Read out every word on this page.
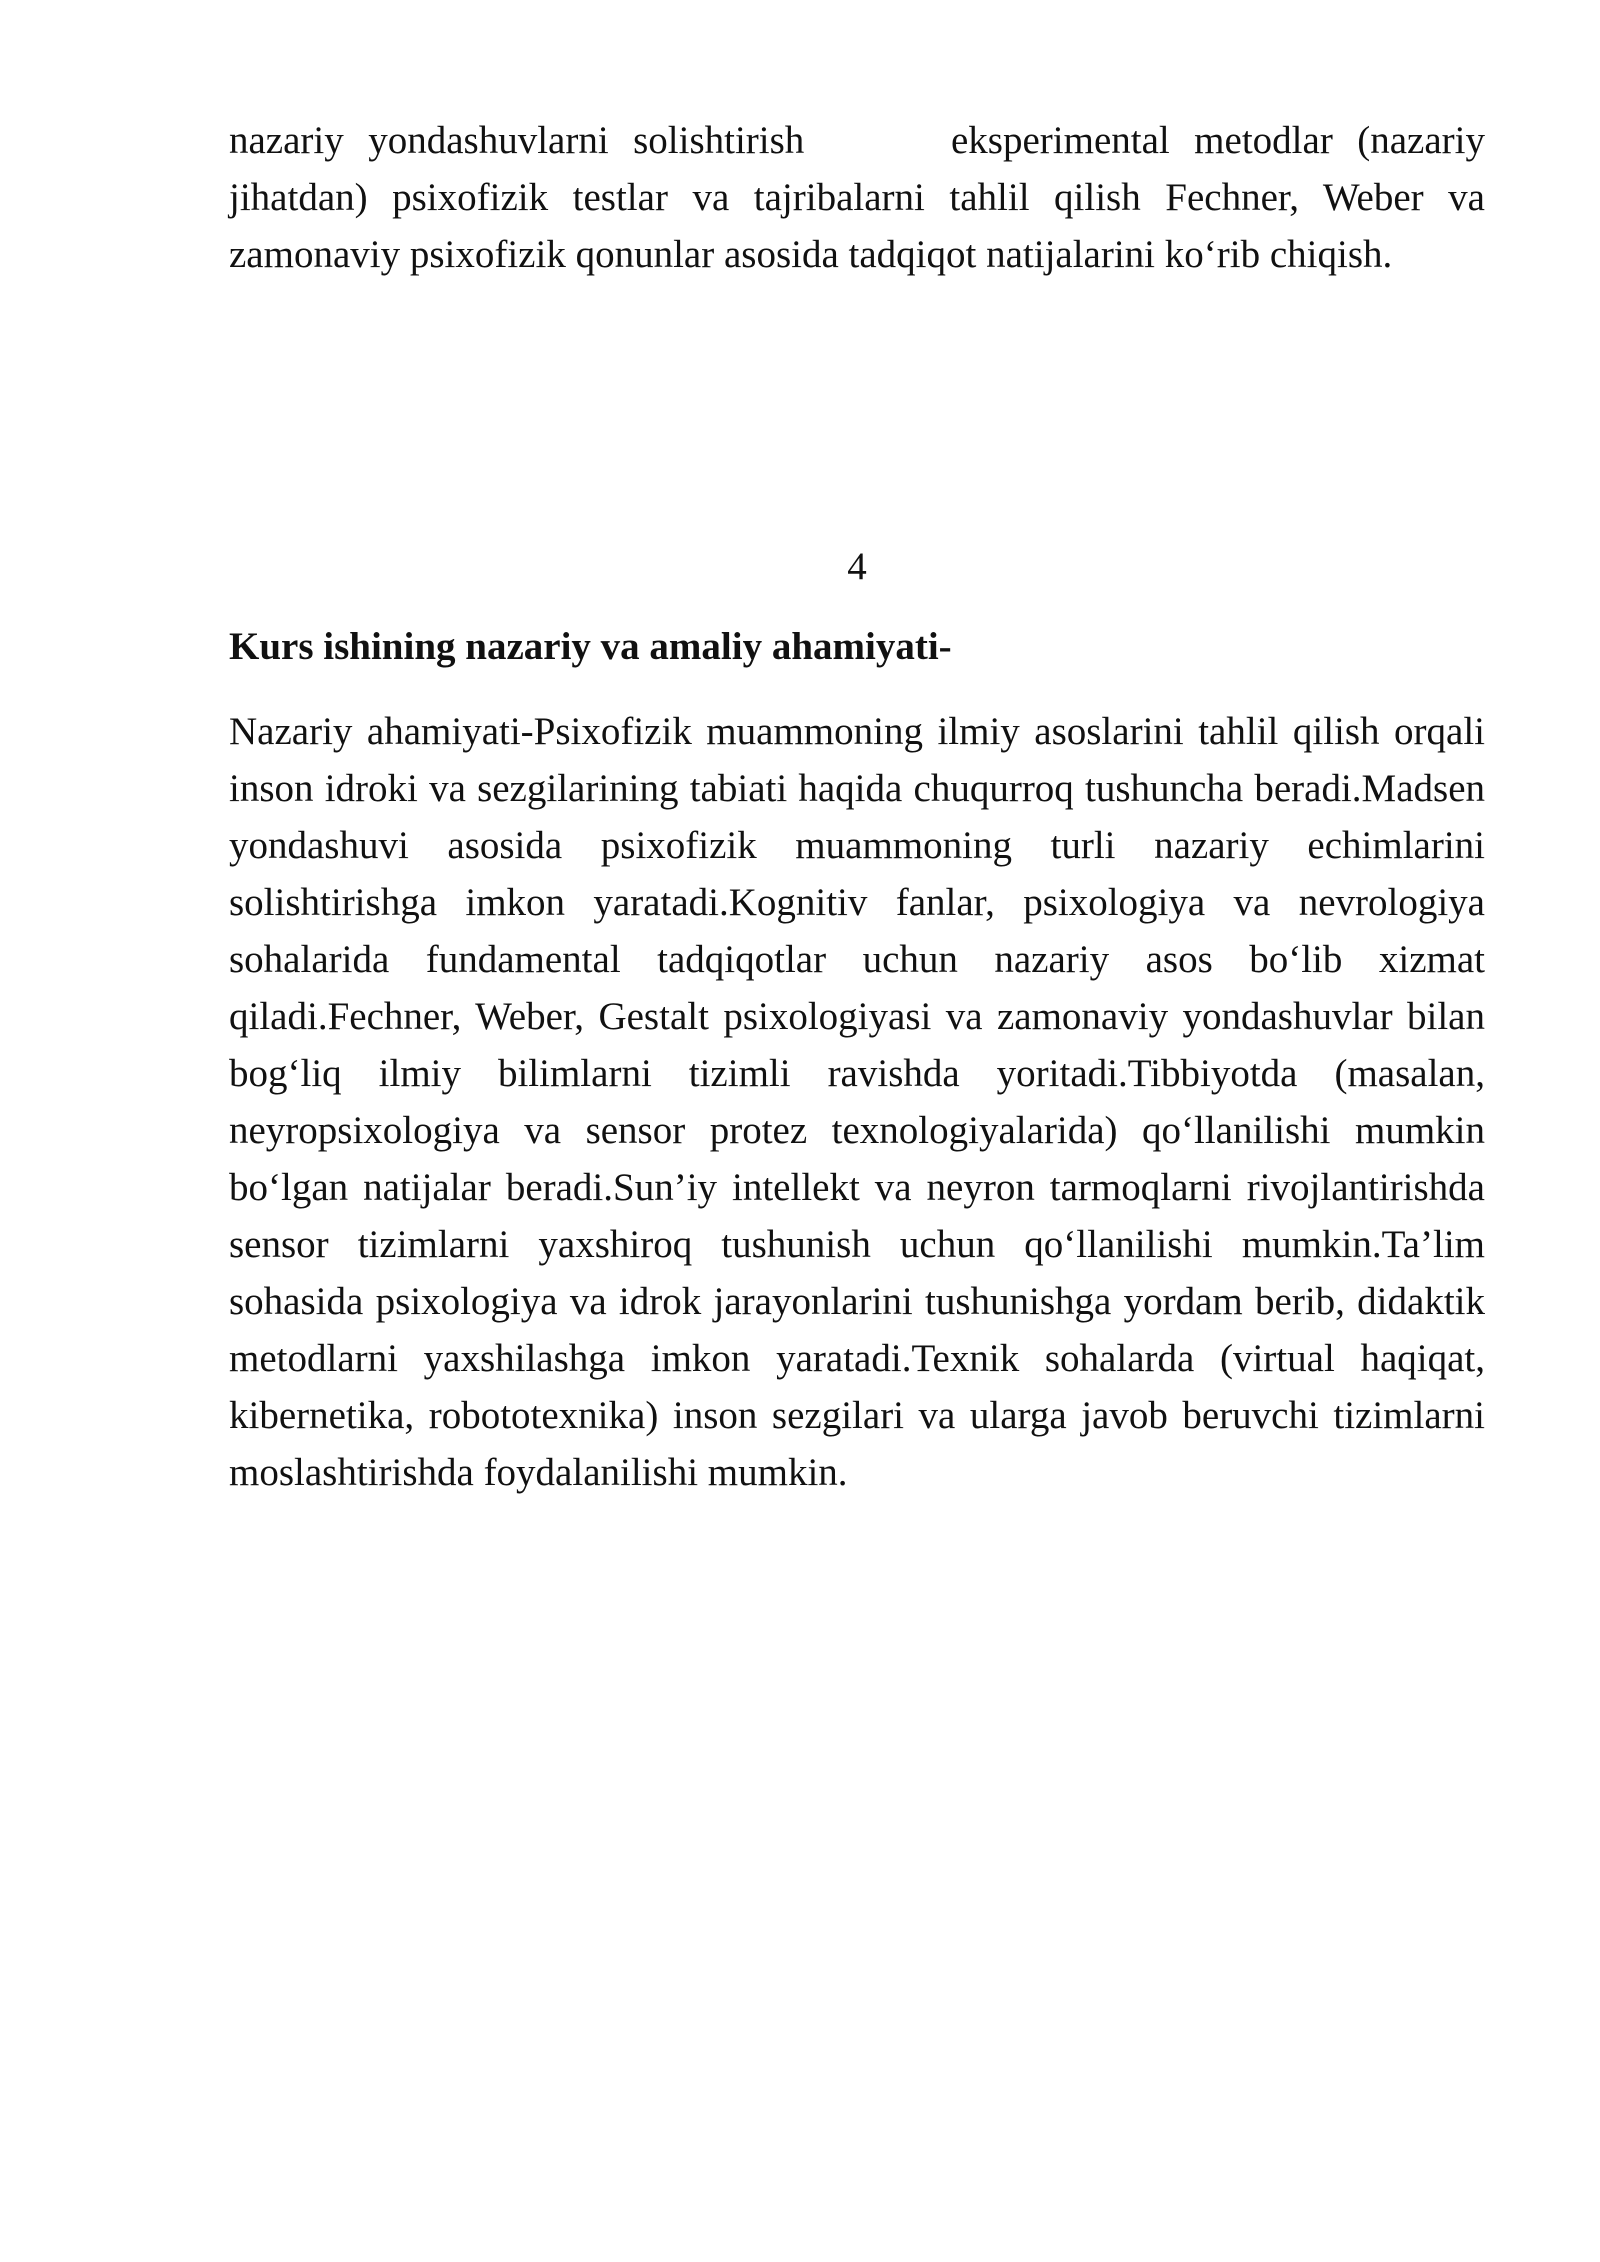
nazariy yondashuvlarni solishtirish      eksperimental metodlar (nazariy jihatdan) psixofizik testlar va tajribalarni tahlil qilish Fechner, Weber va zamonaviy psixofizik qonunlar asosida tadqiqot natijalarini ko‘rib chiqish.

4

Kurs ishining nazariy va amaliy ahamiyati-

Nazariy ahamiyati-Psixofizik muammoning ilmiy asoslarini tahlil qilish orqali inson idroki va sezgilarining tabiati haqida chuqurroq tushuncha beradi.Madsen yondashuvi asosida psixofizik muammoning turli nazariy echimlarini solishtirishga imkon yaratadi.Kognitiv fanlar, psixologiya va nevrologiya sohalarida fundamental tadqiqotlar uchun nazariy asos bo‘lib xizmat qiladi.Fechner, Weber, Gestalt psixologiyasi va zamonaviy yondashuvlar bilan bog‘liq ilmiy bilimlarni tizimli ravishda yoritadi.Tibbiyotda (masalan, neyropsixologiya va sensor protez texnologiyalarida) qo‘llanilishi mumkin bo‘lgan natijalar beradi.Sun’iy intellekt va neyron tarmoqlarni rivojlantirishda sensor tizimlarni yaxshiroq tushunish uchun qo‘llanilishi mumkin.Ta’lim sohasida psixologiya va idrok jarayonlarini tushunishga yordam berib, didaktik metodlarni yaxshilashga imkon yaratadi.Texnik sohalarda (virtual haqiqat, kibernetika, robototexnika) inson sezgilari va ularga javob beruvchi tizimlarni moslashtirishda foydalanilishi mumkin.
